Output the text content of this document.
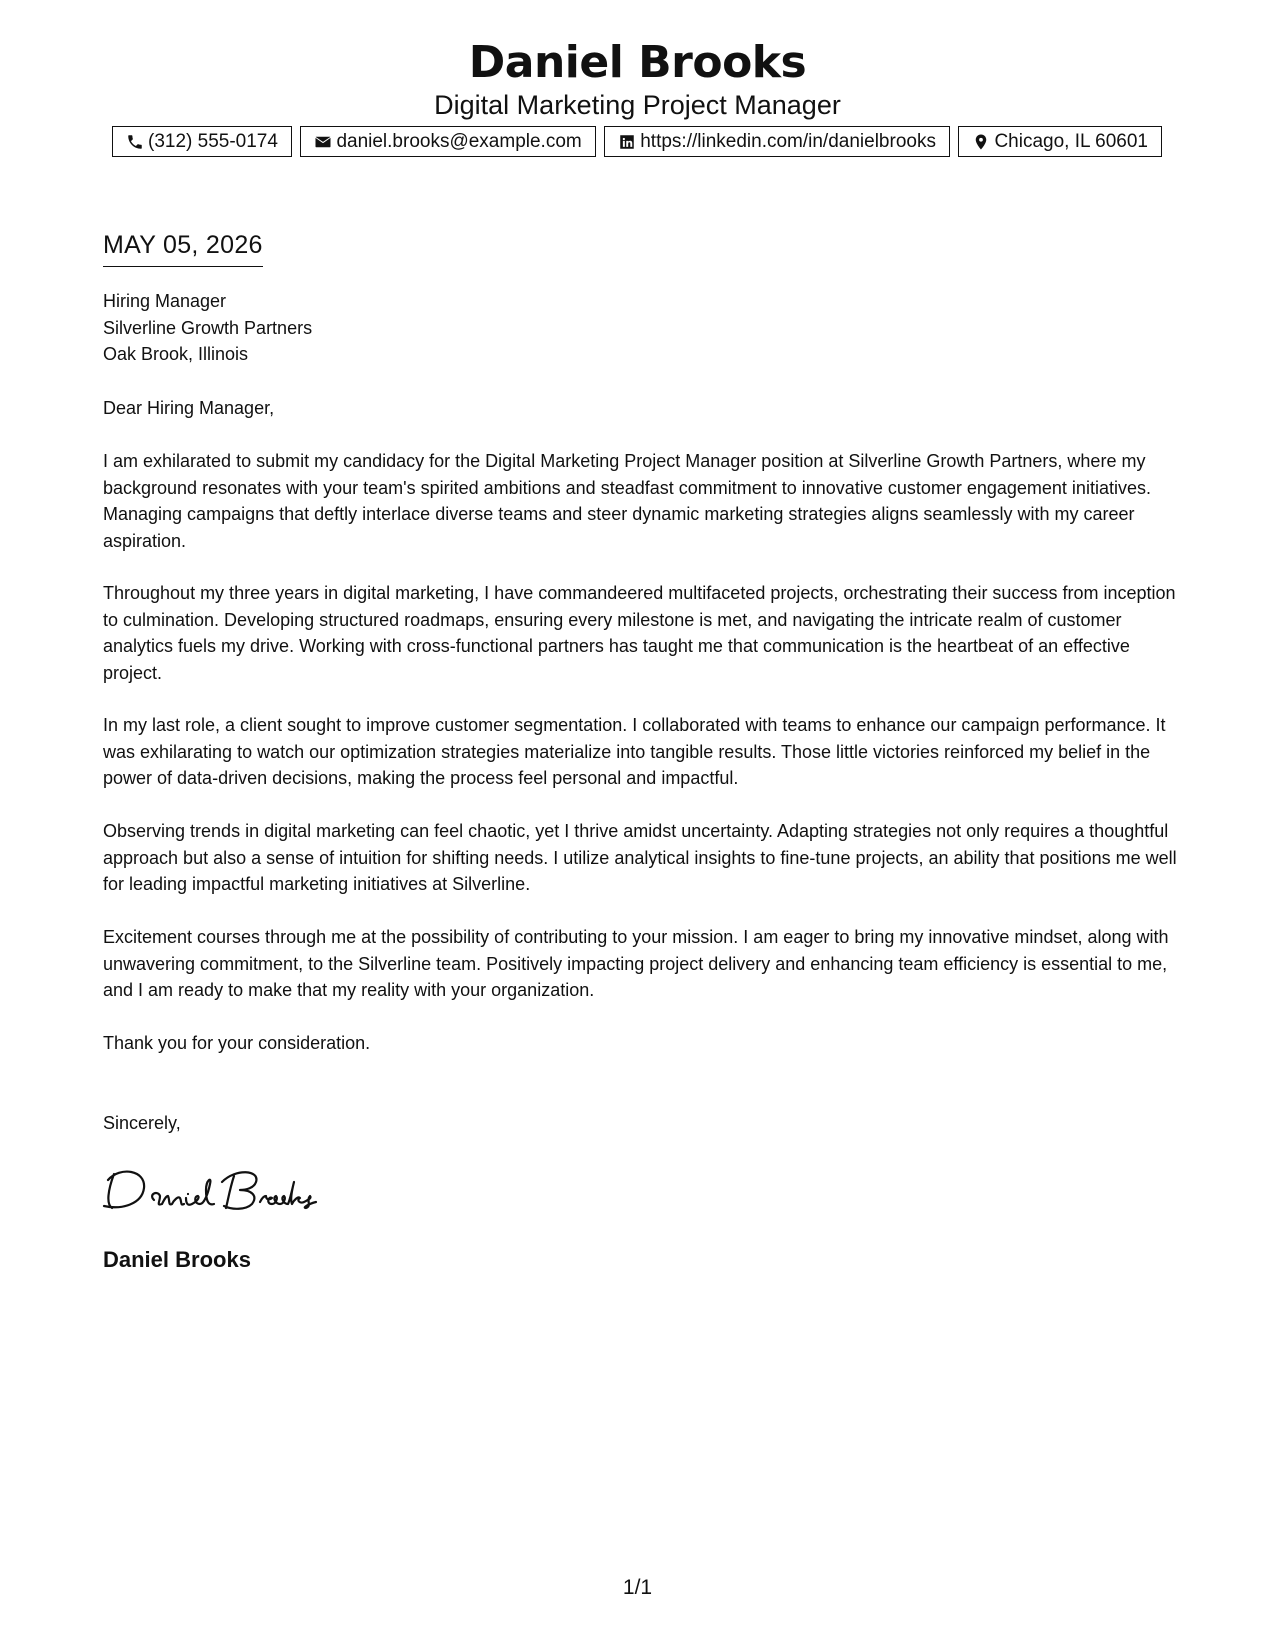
Daniel Brooks
Digital Marketing Project Manager
(312) 555-0174	daniel.brooks@example.com	https://linkedin.com/in/danielbrooks	Chicago, IL 60601
MAY 05, 2026
Hiring Manager
Silverline Growth Partners
Oak Brook, Illinois
Dear Hiring Manager,
I am exhilarated to submit my candidacy for the Digital Marketing Project Manager position at Silverline Growth Partners, where my background resonates with your team's spirited ambitions and steadfast commitment to innovative customer engagement initiatives. Managing campaigns that deftly interlace diverse teams and steer dynamic marketing strategies aligns seamlessly with my career aspiration.
Throughout my three years in digital marketing, I have commandeered multifaceted projects, orchestrating their success from inception to culmination. Developing structured roadmaps, ensuring every milestone is met, and navigating the intricate realm of customer analytics fuels my drive. Working with cross-functional partners has taught me that communication is the heartbeat of an effective project.
In my last role, a client sought to improve customer segmentation. I collaborated with teams to enhance our campaign performance. It was exhilarating to watch our optimization strategies materialize into tangible results. Those little victories reinforced my belief in the power of data-driven decisions, making the process feel personal and impactful.
Observing trends in digital marketing can feel chaotic, yet I thrive amidst uncertainty. Adapting strategies not only requires a thoughtful approach but also a sense of intuition for shifting needs. I utilize analytical insights to fine-tune projects, an ability that positions me well for leading impactful marketing initiatives at Silverline.
Excitement courses through me at the possibility of contributing to your mission. I am eager to bring my innovative mindset, along with unwavering commitment, to the Silverline team. Positively impacting project delivery and enhancing team efficiency is essential to me, and I am ready to make that my reality with your organization.
Thank you for your consideration.
Sincerely,
Daniel Brooks
1/1
